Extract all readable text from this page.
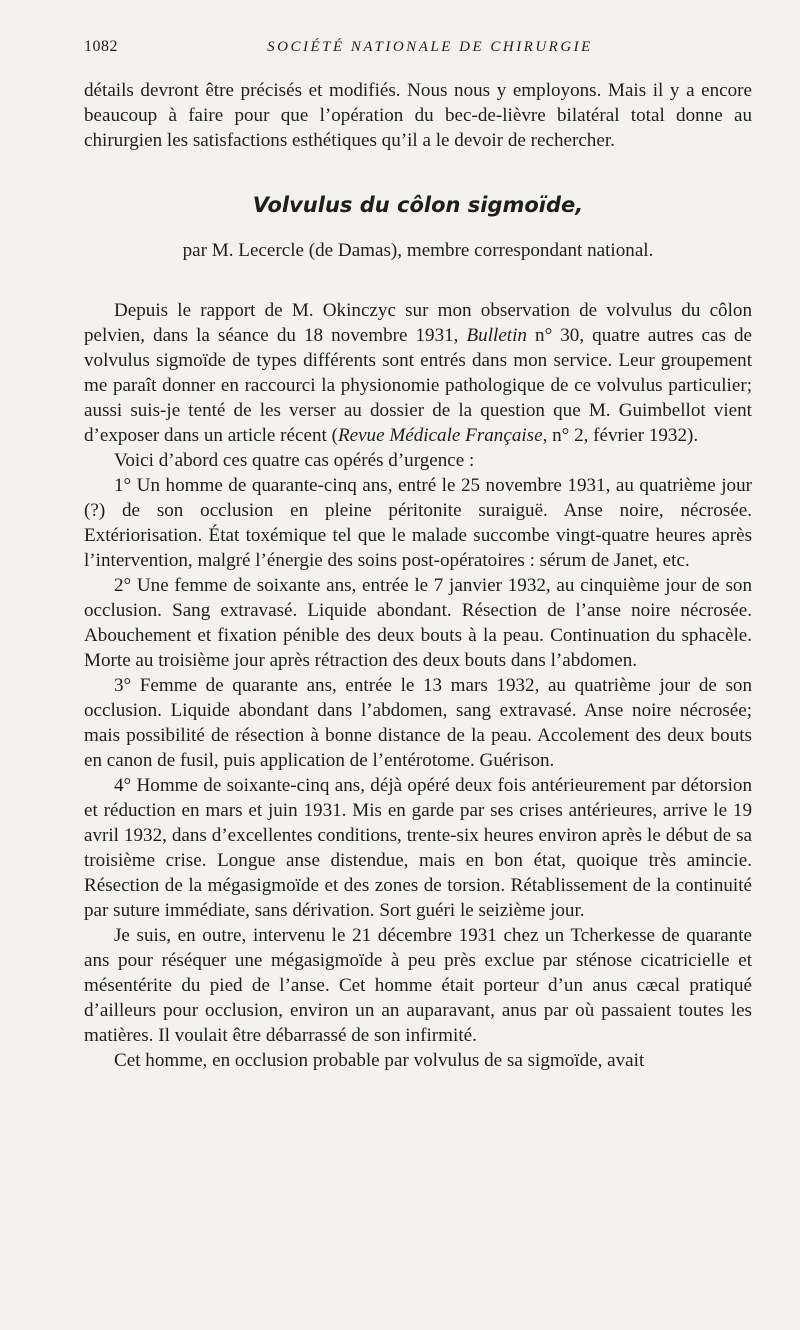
1082	SOCIÉTÉ NATIONALE DE CHIRURGIE

détails devront être précisés et modifiés. Nous nous y employons. Mais il y a encore beaucoup à faire pour que l’opération du bec-de-lièvre bilatéral total donne au chirurgien les satisfactions esthétiques qu’il a le devoir de rechercher.

Volvulus du côlon sigmoïde,
par M. Lecercle (de Damas), membre correspondant national.

Depuis le rapport de M. Okinczyc sur mon observation de volvulus du côlon pelvien, dans la séance du 18 novembre 1931, Bulletin n° 30, quatre autres cas de volvulus sigmoïde de types différents sont entrés dans mon service. Leur groupement me paraît donner en raccourci la physionomie pathologique de ce volvulus particulier; aussi suis-je tenté de les verser au dossier de la question que M. Guimbellot vient d’exposer dans un article récent (Revue Médicale Française, n° 2, février 1932).

Voici d’abord ces quatre cas opérés d’urgence :

1° Un homme de quarante-cinq ans, entré le 25 novembre 1931, au quatrième jour (?) de son occlusion en pleine péritonite suraiguë. Anse noire, nécrosée. Extériorisation. État toxémique tel que le malade succombe vingt-quatre heures après l’intervention, malgré l’énergie des soins post-opératoires : sérum de Janet, etc.

2° Une femme de soixante ans, entrée le 7 janvier 1932, au cinquième jour de son occlusion. Sang extravasé. Liquide abondant. Résection de l’anse noire nécrosée. Abouchement et fixation pénible des deux bouts à la peau. Continuation du sphacèle. Morte au troisième jour après rétraction des deux bouts dans l’abdomen.

3° Femme de quarante ans, entrée le 13 mars 1932, au quatrième jour de son occlusion. Liquide abondant dans l’abdomen, sang extravasé. Anse noire nécrosée; mais possibilité de résection à bonne distance de la peau. Accolement des deux bouts en canon de fusil, puis application de l’entérotome. Guérison.

4° Homme de soixante-cinq ans, déjà opéré deux fois antérieurement par détorsion et réduction en mars et juin 1931. Mis en garde par ses crises antérieures, arrive le 19 avril 1932, dans d’excellentes conditions, trente-six heures environ après le début de sa troisième crise. Longue anse distendue, mais en bon état, quoique très amincie. Résection de la mégasigmoïde et des zones de torsion. Rétablissement de la continuité par suture immédiate, sans dérivation. Sort guéri le seizième jour.

Je suis, en outre, intervenu le 21 décembre 1931 chez un Tcherkesse de quarante ans pour réséquer une mégasigmoïde à peu près exclue par sténose cicatricielle et mésentérite du pied de l’anse. Cet homme était porteur d’un anus cæcal pratiqué d’ailleurs pour occlusion, environ un an auparavant, anus par où passaient toutes les matières. Il voulait être débarrassé de son infirmité.

Cet homme, en occlusion probable par volvulus de sa sigmoïde, avait
